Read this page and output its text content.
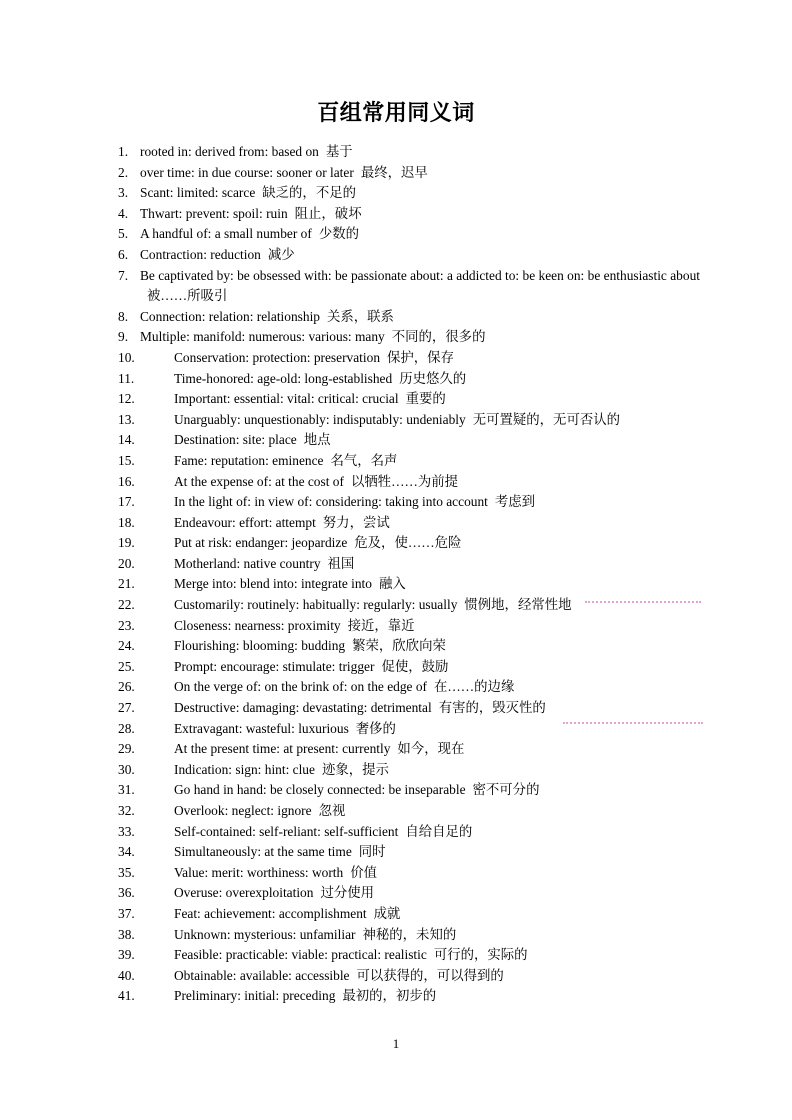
百组常用同义词
1. rooted in: derived from: based on 基于
2. over time: in due course: sooner or later 最终，迟早
3. Scant: limited: scarce 缺乏的，不足的
4. Thwart: prevent: spoil: ruin 阻止，破坏
5. A handful of: a small number of 少数的
6. Contraction: reduction 减少
7. Be captivated by: be obsessed with: be passionate about: a addicted to: be keen on: be enthusiastic about被……所吸引
8. Connection: relation: relationship 关系，联系
9. Multiple: manifold: numerous: various: many 不同的，很多的
10.	Conservation: protection: preservation 保护，保存
11.	Time-honored: age-old: long-established 历史悠久的
12.	Important: essential: vital: critical: crucial 重要的
13.	Unarguably: unquestionably: indisputably: undeniably 无可置疑的，无可否认的
14.	Destination: site: place 地点
15.	Fame: reputation: eminence 名气，名声
16.	At the expense of: at the cost of 以牺牲……为前提
17.	In the light of: in view of: considering: taking into account 考虑到
18.	Endeavour: effort: attempt 努力，尝试
19.	Put at risk: endanger: jeopardize 危及，使……危险
20.	Motherland: native country 祖国
21.	Merge into: blend into: integrate into 融入
22.	Customarily: routinely: habitually: regularly: usually 惯例地，经常性地
23.	Closeness: nearness: proximity 接近，靠近
24.	Flourishing: blooming: budding 繁荣，欣欣向荣
25.	Prompt: encourage: stimulate: trigger 促使，鼓励
26.	On the verge of: on the brink of: on the edge of 在……的边缘
27.	Destructive: damaging: devastating: detrimental 有害的，毁灭性的
28.	Extravagant: wasteful: luxurious 奢侈的
29.	At the present time: at present: currently 如今，现在
30.	Indication: sign: hint: clue 迹象，提示
31.	Go hand in hand: be closely connected: be inseparable 密不可分的
32.	Overlook: neglect: ignore 忽视
33.	Self-contained: self-reliant: self-sufficient 自给自足的
34.	Simultaneously: at the same time 同时
35.	Value: merit: worthiness: worth 价值
36.	Overuse: overexploitation 过分使用
37.	Feat: achievement: accomplishment 成就
38.	Unknown: mysterious: unfamiliar 神秘的，未知的
39.	Feasible: practicable: viable: practical: realistic 可行的，实际的
40.	Obtainable: available: accessible 可以获得的，可以得到的
41.	Preliminary: initial: preceding 最初的，初步的
1
